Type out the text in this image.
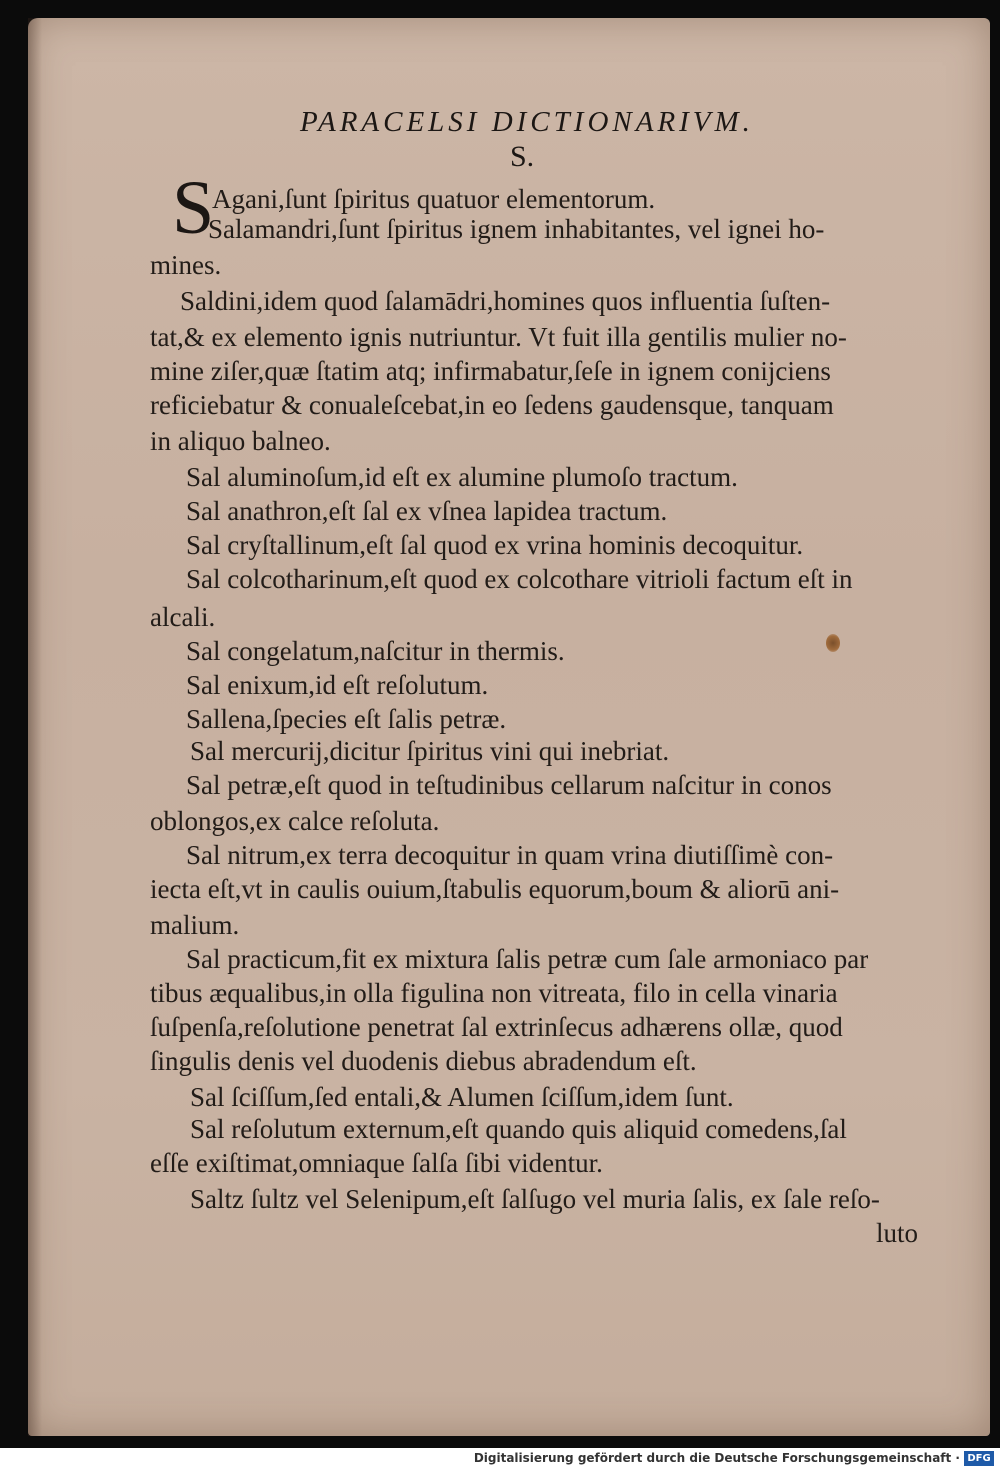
PARACELSI DICTIONARIVM.
S.
S
Agani,ſunt ſpiritus quatuor elementorum.
Salamandri,ſunt ſpiritus ignem inhabitantes, vel ignei ho-
mines.
Saldini,idem quod ſalamādri,homines quos influentia ſuſten-
tat,& ex elemento ignis nutriuntur. Vt fuit illa gentilis mulier no-
mine ziſer,quæ ſtatim atq; infirmabatur,ſeſe in ignem conijciens
reficiebatur & conualeſcebat,in eo ſedens gaudensque, tanquam
in aliquo balneo.
Sal aluminoſum,id eſt ex alumine plumoſo tractum.
Sal anathron,eſt ſal ex vſnea lapidea tractum.
Sal cryſtallinum,eſt ſal quod ex vrina hominis decoquitur.
Sal colcotharinum,eſt quod ex colcothare vitrioli factum eſt in
alcali.
Sal congelatum,naſcitur in thermis.
Sal enixum,id eſt reſolutum.
Sallena,ſpecies eſt ſalis petræ.
Sal mercurij,dicitur ſpiritus vini qui inebriat.
Sal petræ,eſt quod in teſtudinibus cellarum naſcitur in conos
oblongos,ex calce reſoluta.
Sal nitrum,ex terra decoquitur in quam vrina diutiſſimè con-
iecta eſt,vt in caulis ouium,ſtabulis equorum,boum & aliorū ani-
malium.
Sal practicum,fit ex mixtura ſalis petræ cum ſale armoniaco par
tibus æqualibus,in olla figulina non vitreata, filo in cella vinaria
ſuſpenſa,reſolutione penetrat ſal extrinſecus adhærens ollæ, quod
ſingulis denis vel duodenis diebus abradendum eſt.
Sal ſciſſum,ſed entali,& Alumen ſciſſum,idem ſunt.
Sal reſolutum externum,eſt quando quis aliquid comedens,ſal
eſſe exiſtimat,omniaque ſalſa ſibi videntur.
Saltz ſultz vel Selenipum,eſt ſalſugo vel muria ſalis, ex ſale reſo-
luto
Digitalisierung gefördert durch die Deutsche Forschungsgemeinschaft · DFG
